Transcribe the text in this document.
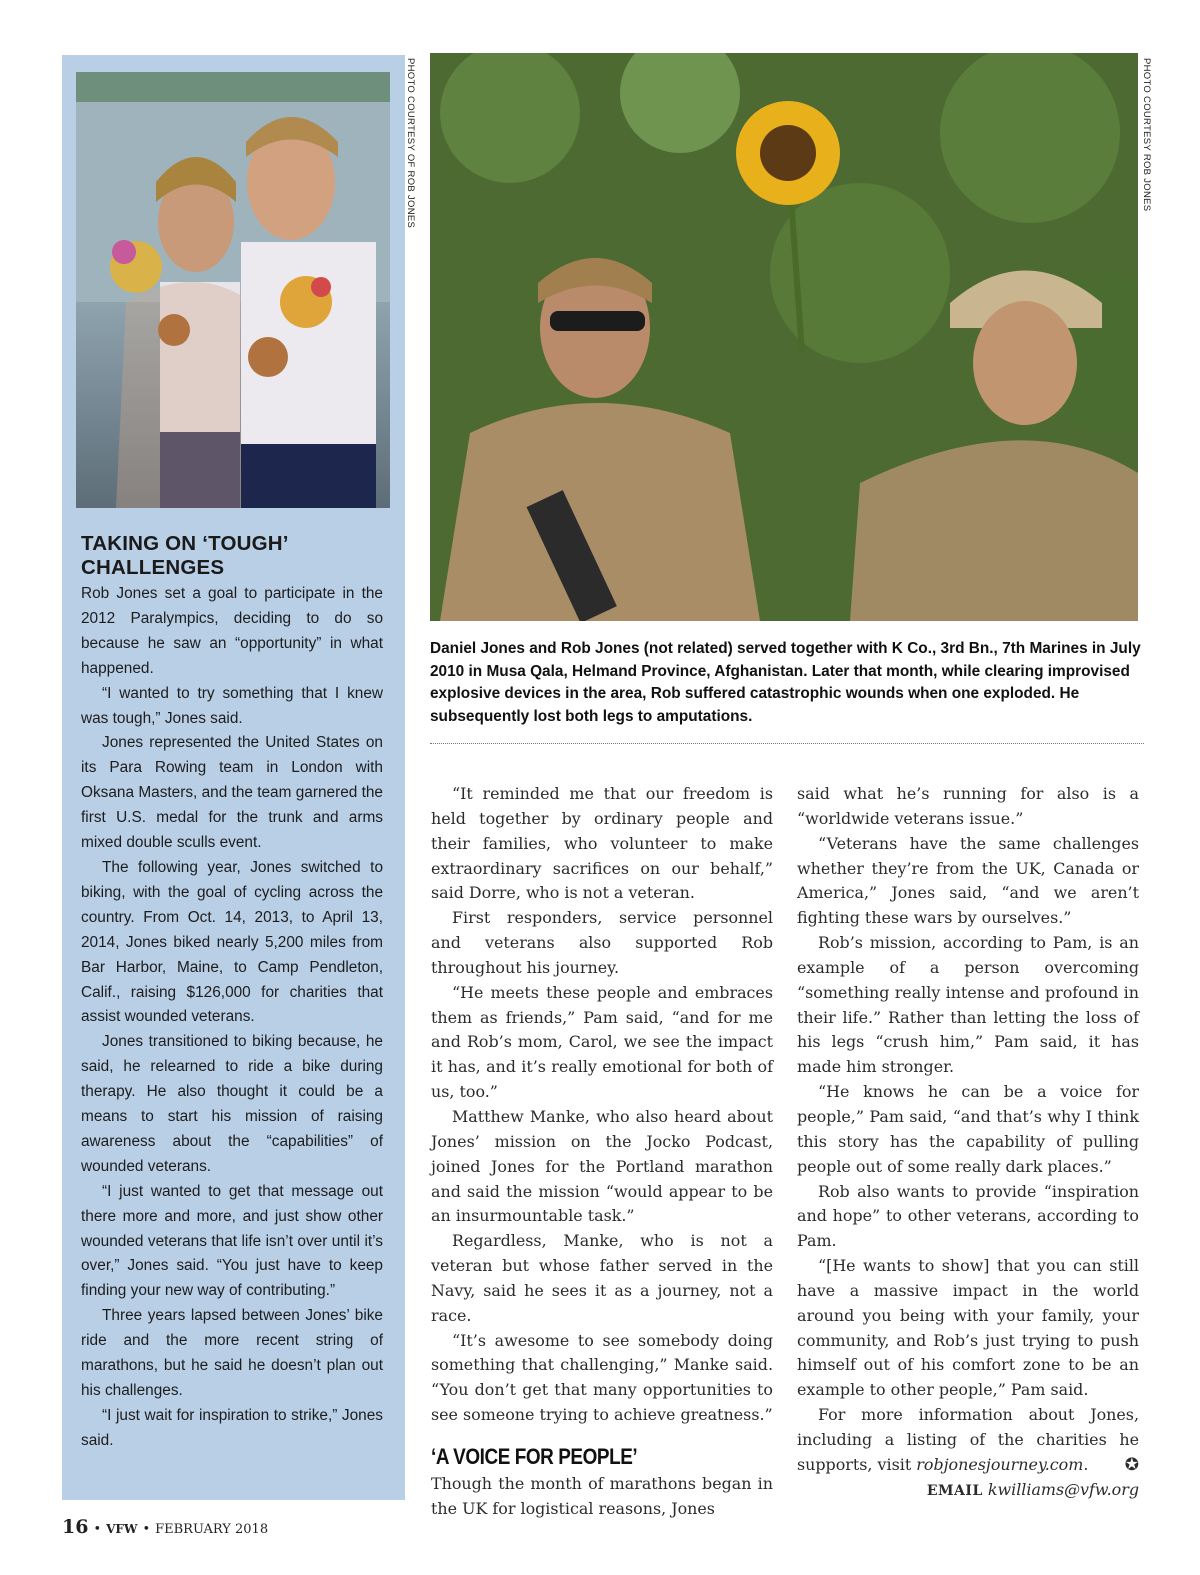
PHOTO COURTESY OF ROB JONES	PHOTO COURTESY ROB JONES
TAKING ON ‘TOUGH’ CHALLENGES

Rob Jones set a goal to participate in the 2012 Paralympics, deciding to do so because he saw an “opportunity” in what happened.

“I wanted to try something that I knew was tough,” Jones said.

Jones represented the United States on its Para Rowing team in London with Oksana Masters, and the team garnered the first U.S. medal for the trunk and arms mixed double sculls event.

The following year, Jones switched to biking, with the goal of cycling across the country. From Oct. 14, 2013, to April 13, 2014, Jones biked nearly 5,200 miles from Bar Harbor, Maine, to Camp Pendleton, Calif., raising $126,000 for charities that assist wounded veterans.

Jones transitioned to biking because, he said, he relearned to ride a bike during therapy. He also thought it could be a means to start his mission of raising awareness about the “capabilities” of wounded veterans.

“I just wanted to get that message out there more and more, and just show other wounded veterans that life isn’t over until it’s over,” Jones said. “You just have to keep finding your new way of contributing.”

Three years lapsed between Jones’ bike ride and the more recent string of marathons, but he said he doesn’t plan out his challenges.

“I just wait for inspiration to strike,” Jones said.

Daniel Jones and Rob Jones (not related) served together with K Co., 3rd Bn., 7th Marines in July 2010 in Musa Qala, Helmand Province, Afghanistan. Later that month, while clearing improvised explosive devices in the area, Rob suffered catastrophic wounds when one exploded. He subsequently lost both legs to amputations.

“It reminded me that our freedom is held together by ordinary people and their families, who volunteer to make extraordinary sacrifices on our behalf,” said Dorre, who is not a veteran.

First responders, service personnel and veterans also supported Rob throughout his journey.

“He meets these people and embraces them as friends,” Pam said, “and for me and Rob’s mom, Carol, we see the impact it has, and it’s really emotional for both of us, too.”

Matthew Manke, who also heard about Jones’ mission on the Jocko Podcast, joined Jones for the Portland marathon and said the mission “would appear to be an insurmountable task.”

Regardless, Manke, who is not a veteran but whose father served in the Navy, said he sees it as a journey, not a race.

“It’s awesome to see somebody doing something that challenging,” Manke said. “You don’t get that many opportunities to see someone trying to achieve greatness.”

‘A VOICE FOR PEOPLE’

Though the month of marathons began in the UK for logistical reasons, Jones

said what he’s running for also is a “worldwide veterans issue.”

“Veterans have the same challenges whether they’re from the UK, Canada or America,” Jones said, “and we aren’t fighting these wars by ourselves.”

Rob’s mission, according to Pam, is an example of a person overcoming “something really intense and profound in their life.” Rather than letting the loss of his legs “crush him,” Pam said, it has made him stronger.

“He knows he can be a voice for people,” Pam said, “and that’s why I think this story has the capability of pulling people out of some really dark places.”

Rob also wants to provide “inspiration and hope” to other veterans, according to Pam.

“[He wants to show] that you can still have a massive impact in the world around you being with your family, your community, and Rob’s just trying to push himself out of his comfort zone to be an example to other people,” Pam said.

For more information about Jones, including a listing of the charities he supports, visit robjonesjourney.com.	✪

EMAIL kwilliams@vfw.org

16 • VFW • FEBRUARY 2018
